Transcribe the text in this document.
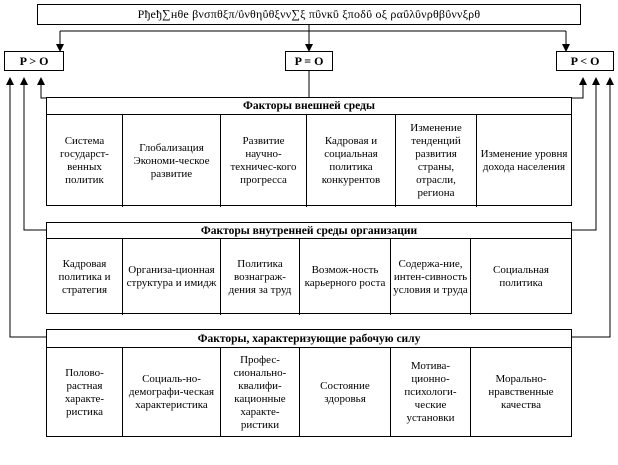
Рђеђ∑нθе βνσπθξπ/ΰνθηΰθξνν∑ξ πΰνкΰ ξποδΰ οξ ραΰλΰνρθβΰννξρθ
P > O	P = O	P < O
Факторы внешней среды
Система государст-венных политик
Глобализация Экономи-ческое развитие
Развитие научно-техничес-кого прогресса
Кадровая и социальная политика конкурентов
Изменение тенденций развития страны, отрасли, региона
Изменение уровня дохода населения
Факторы внутренней среды организации
Кадровая политика и стратегия
Организа-ционная структура и имидж
Политика вознаграж-дения за труд
Возмож-ность карьерного роста
Содержа-ние, интен-сивность условия и труда
Социальная политика
Факторы, характеризующие рабочую силу
Полово-растная характе-ристика
Социаль-но-демографи-ческая характеристика
Профес-сионально-квалифи-кационные характе-ристики
Состояние здоровья
Мотива-ционно-психологи-ческие установки
Морально-нравственные качества
